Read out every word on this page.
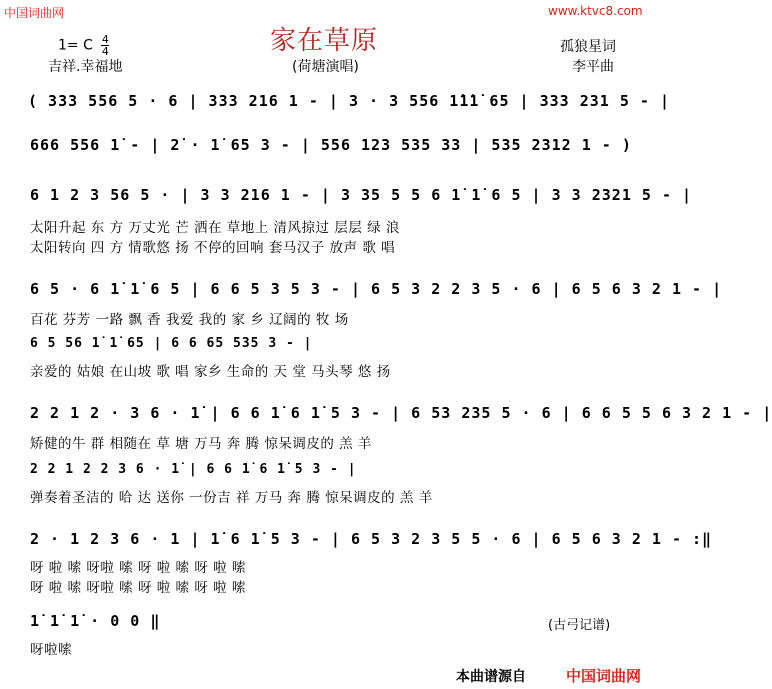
中国词曲网	www.ktvc8.com
家在草原
1= C $\frac{4}{4}$
吉祥.幸福地	(荷塘演唱)
孤狼星词
李平曲
( 333 556 5 · 6 | 333 216 1 - | 3 · 3 556 1̇1̇1̇ 65 | 333 231 5 - |
666 556 1̇ - | 2̇ · 1̇ 65 3 - | 556 123 535 33 | 535 2312 1 - )
6 1 2 3 56 5 · | 3 3 216 1 - | 3 35 5 5 6 1̇ 1̇ 6 5 | 3 3 2321 5 - |
太阳升起 东 方 万丈光 芒 洒在 草地上 清风掠过 层层 绿 浪
太阳转向 四 方 情歌悠 扬 不停的回响 套马汉子 放声 歌 唱
6 5 · 6 1̇ 1̇ 6 5 | 6 6 5 3 5 3 - | 6 5 3 2 2 3 5 · 6 | 6 5 6 3 2 1 - |
百花 芬芳 一路 飘 香 我爱 我的 家 乡 辽阔的 牧 场
6 5 56 1̇ 1̇ 65 | 6 6 65 535 3 - |
亲爱的 姑娘 在山坡 歌 唱 家乡 生命的 天 堂 马头琴 悠 扬
2 2 1 2 · 3 6 · 1̇ | 6 6 1̇ 6 1̇ 5 3 - | 6 53 235 5 · 6 | 6 6 5 5 6 3 2 1 - |
矫健的牛 群 相随在 草 塘 万马 奔 腾 惊呆调皮的 羔 羊
2 2 1 2 2 3 6 · 1̇ | 6 6 1̇ 6 1̇ 5 3 - |
弹奏着圣洁的 哈 达 送你 一份吉 祥 万马 奔 腾 惊呆调皮的 羔 羊
2 · 1 2 3 6 · 1 | 1̇ 6 1̇ 5 3 - | 6 5 3 2 3 5 5 · 6 | 6 5 6 3 2 1 - :‖
呀 啦 嗦 呀啦 嗦 呀 啦 嗦 呀 啦 嗦
呀 啦 嗦 呀啦 嗦 呀 啦 嗦 呀 啦 嗦
1̇ 1̇ 1̇ · 0 0 ‖
呀啦嗦
(古弓记谱)
本曲谱源自	中国词曲网
